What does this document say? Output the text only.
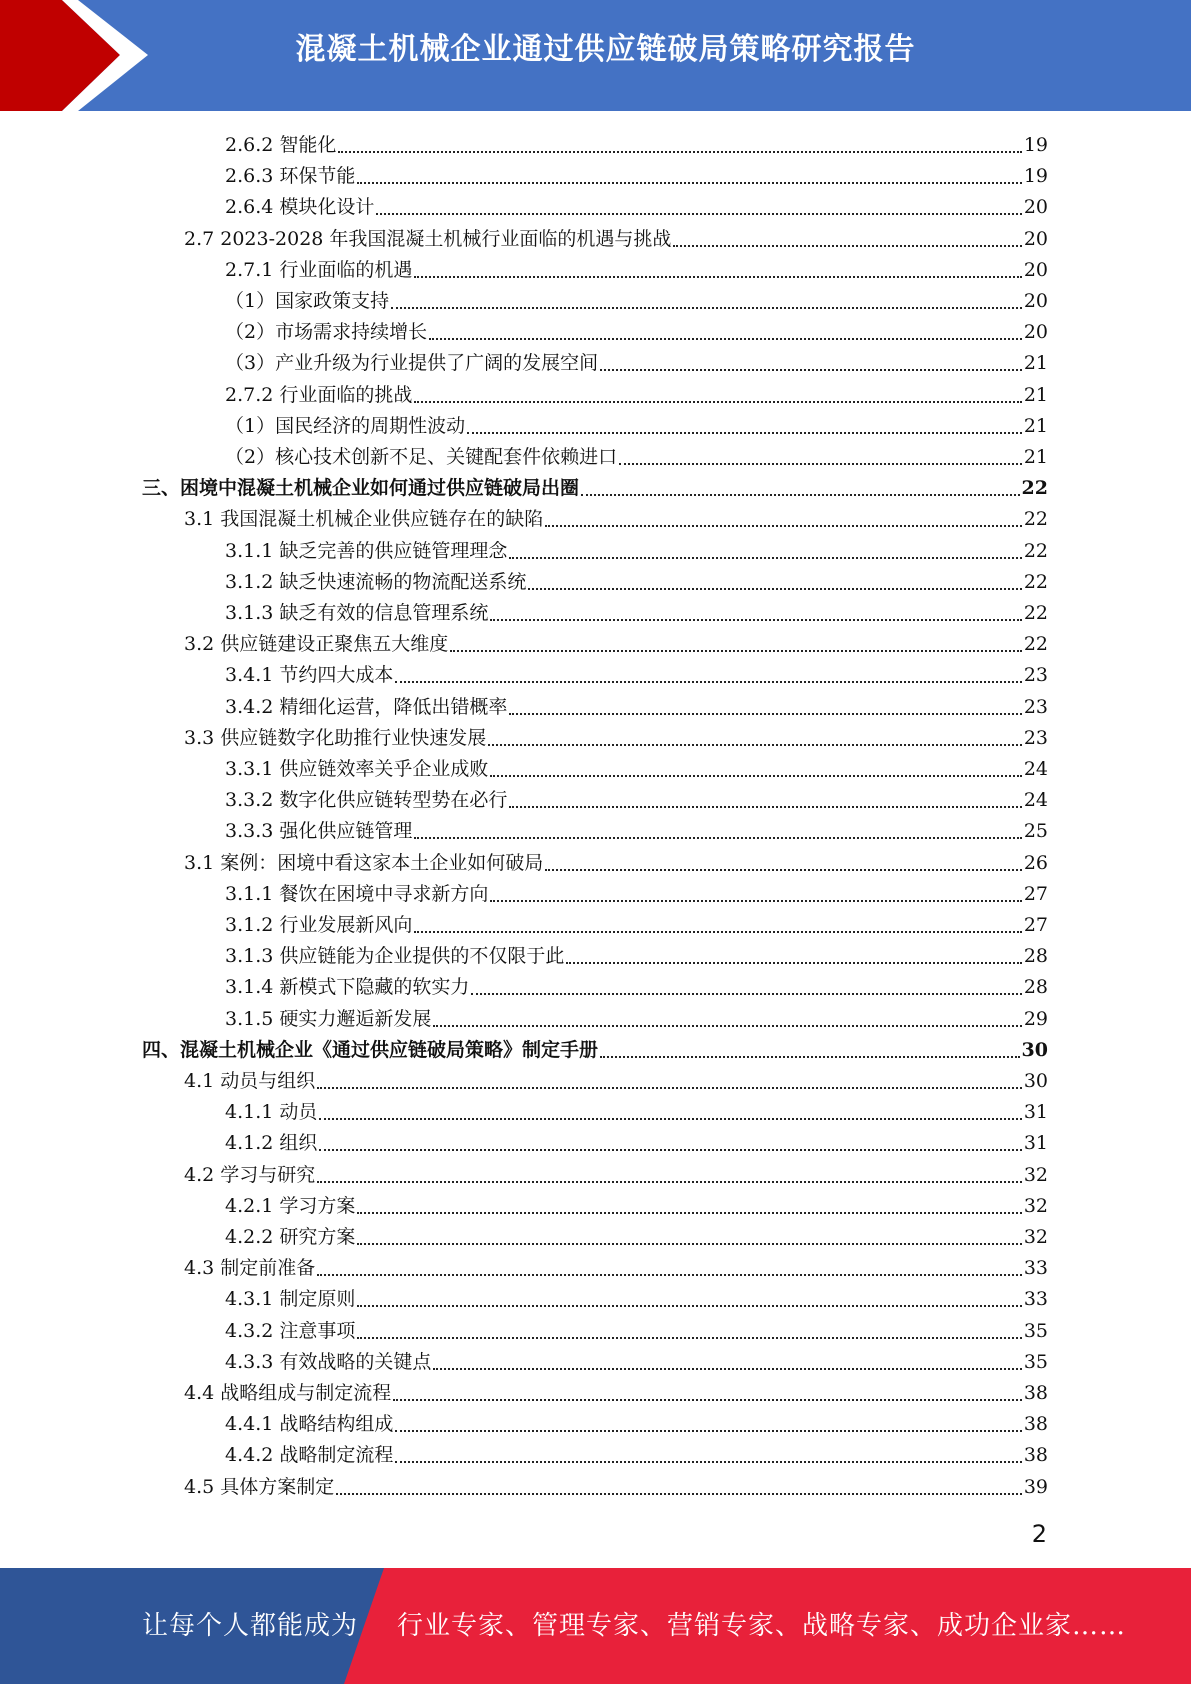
混凝土机械企业通过供应链破局策略研究报告
2.6.2 智能化	19
2.6.3 环保节能	19
2.6.4 模块化设计	20
2.7 2023-2028 年我国混凝土机械行业面临的机遇与挑战	20
2.7.1 行业面临的机遇	20
（1）国家政策支持	20
（2）市场需求持续增长	20
（3）产业升级为行业提供了广阔的发展空间	21
2.7.2 行业面临的挑战	21
（1）国民经济的周期性波动	21
（2）核心技术创新不足、关键配套件依赖进口	21
三、困境中混凝土机械企业如何通过供应链破局出圈	22
3.1 我国混凝土机械企业供应链存在的缺陷	22
3.1.1 缺乏完善的供应链管理理念	22
3.1.2 缺乏快速流畅的物流配送系统	22
3.1.3 缺乏有效的信息管理系统	22
3.2 供应链建设正聚焦五大维度	22
3.4.1 节约四大成本	23
3.4.2 精细化运营，降低出错概率	23
3.3 供应链数字化助推行业快速发展	23
3.3.1 供应链效率关乎企业成败	24
3.3.2 数字化供应链转型势在必行	24
3.3.3 强化供应链管理	25
3.1 案例：困境中看这家本土企业如何破局	26
3.1.1 餐饮在困境中寻求新方向	27
3.1.2 行业发展新风向	27
3.1.3 供应链能为企业提供的不仅限于此	28
3.1.4 新模式下隐藏的软实力	28
3.1.5 硬实力邂逅新发展	29
四、混凝土机械企业《通过供应链破局策略》制定手册	30
4.1 动员与组织	30
4.1.1 动员	31
4.1.2 组织	31
4.2 学习与研究	32
4.2.1 学习方案	32
4.2.2 研究方案	32
4.3 制定前准备	33
4.3.1 制定原则	33
4.3.2 注意事项	35
4.3.3 有效战略的关键点	35
4.4 战略组成与制定流程	38
4.4.1 战略结构组成	38
4.4.2 战略制定流程	38
4.5 具体方案制定	39
2
让每个人都能成为 行业专家、管理专家、营销专家、战略专家、成功企业家……
